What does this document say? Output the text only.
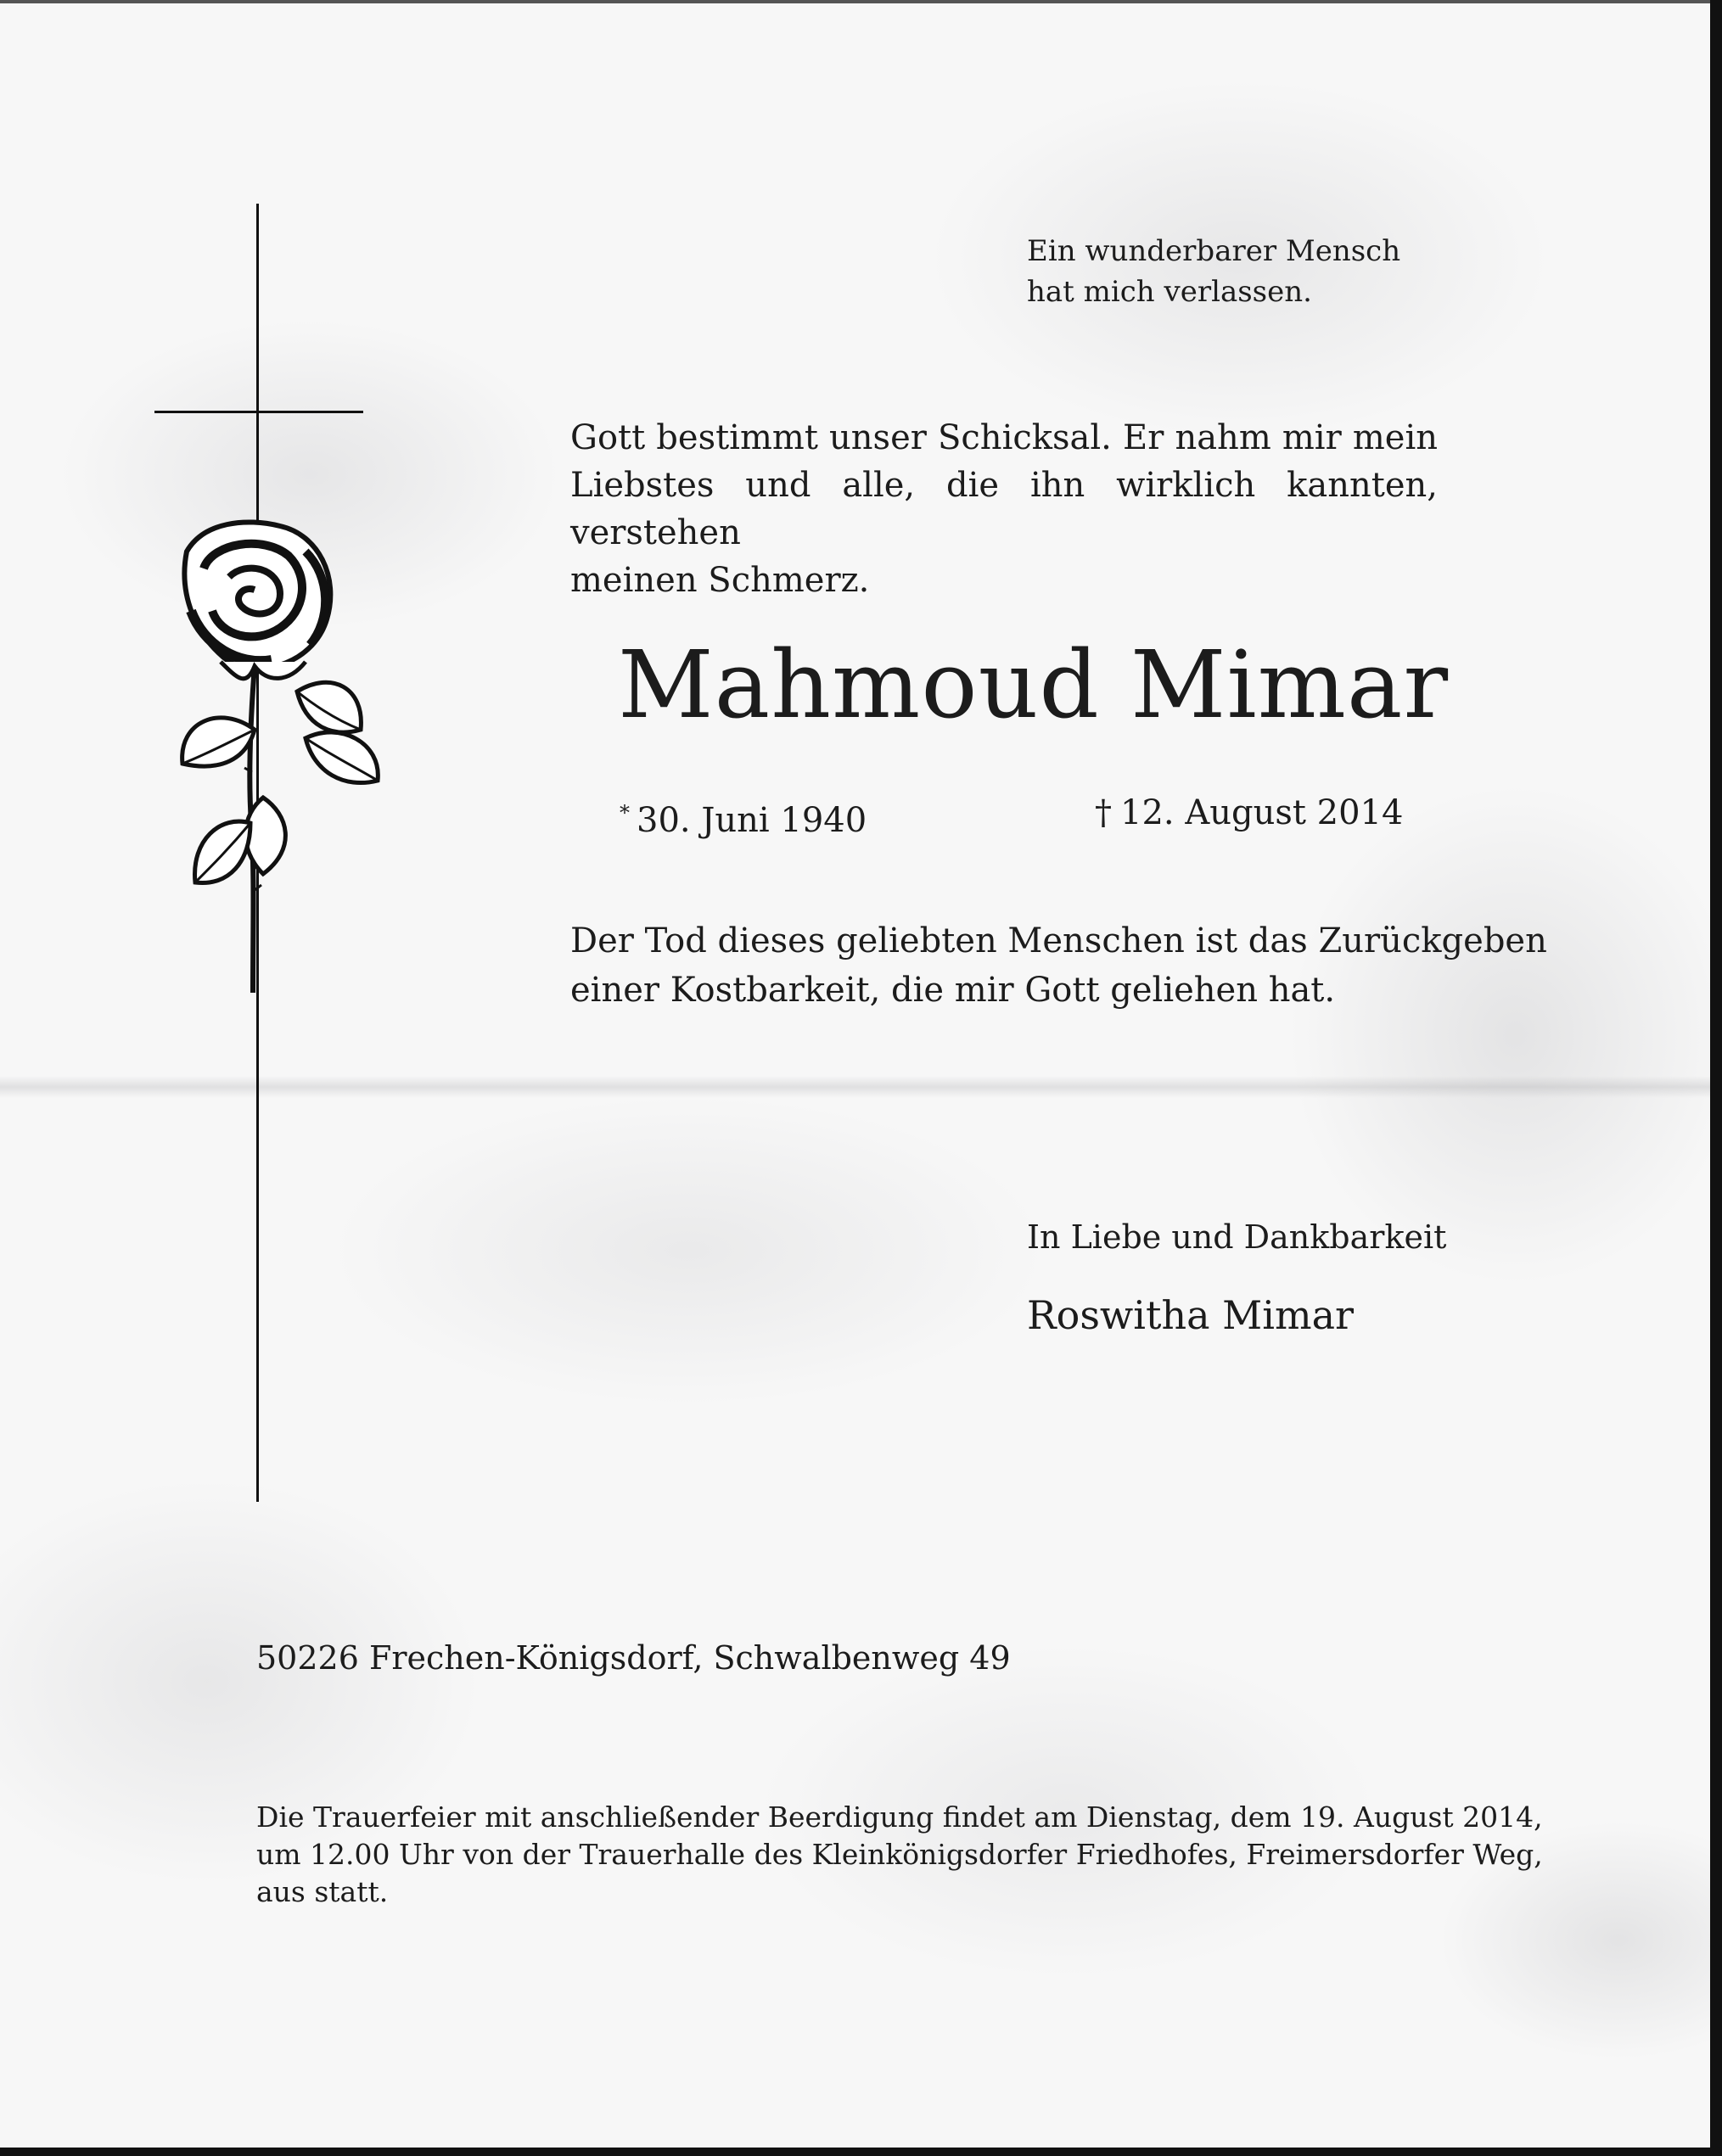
Ein wunderbarer Mensch
hat mich verlassen.
Gott bestimmt unser Schicksal. Er nahm mir mein
Liebstes und alle, die ihn wirklich kannten, verstehen
meinen Schmerz.
Mahmoud Mimar
* 30. Juni 1940	† 12. August 2014
Der Tod dieses geliebten Menschen ist das Zurückgeben
einer Kostbarkeit, die mir Gott geliehen hat.
In Liebe und Dankbarkeit
Roswitha Mimar
50226 Frechen-Königsdorf, Schwalbenweg 49
Die Trauerfeier mit anschließender Beerdigung findet am Dienstag, dem 19. August 2014,
um 12.00 Uhr von der Trauerhalle des Kleinkönigsdorfer Friedhofes, Freimersdorfer Weg,
aus statt.
